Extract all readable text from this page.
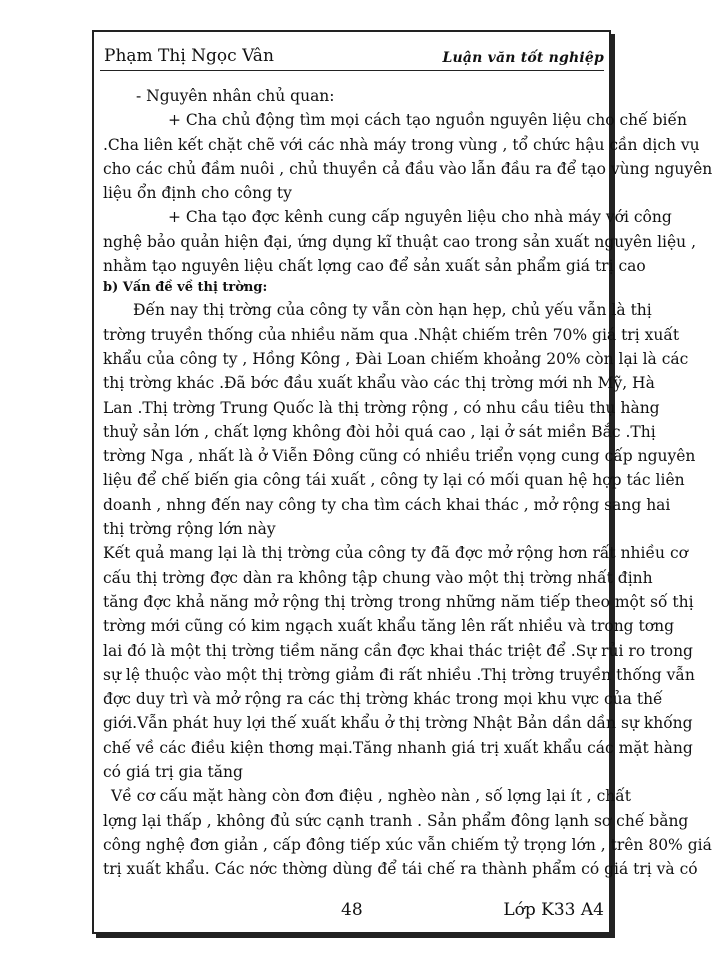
Phạm Thị Ngọc Vân	Luận văn tốt nghiệp
- Nguyên nhân chủ quan:
+ Cha chủ động tìm mọi cách tạo nguồn nguyên liệu cho chế biến
.Cha liên kết chặt chẽ với các nhà máy trong vùng , tổ chức hậu cần dịch vụ
cho các chủ đầm nuôi , chủ thuyền cả đầu vào lẫn đầu ra để tạo vùng nguyên
liệu ổn định cho công ty
+ Cha tạo đợc kênh cung cấp nguyên liệu cho nhà máy với công
nghệ bảo quản hiện đại, ứng dụng kĩ thuật cao trong sản xuất nguyên liệu ,
nhằm tạo nguyên liệu chất lợng cao để sản xuất sản phẩm giá trị cao
b) Vấn đề về thị trờng:
Đến nay thị trờng của công ty vẫn còn hạn hẹp, chủ yếu vẫn là thị
trờng truyền thống của nhiều năm qua .Nhật chiếm trên 70% giá trị xuất
khẩu của công ty , Hồng Kông , Đài Loan chiếm khoảng 20% còn lại là các
thị trờng khác .Đã bớc đầu xuất khẩu vào các thị trờng mới nh Mỹ, Hà
Lan .Thị trờng Trung Quốc là thị trờng rộng , có nhu cầu tiêu thụ hàng
thuỷ sản lớn , chất lợng không đòi hỏi quá cao , lại ở sát miền Bắc .Thị
trờng Nga , nhất là ở Viễn Đông cũng có nhiều triển vọng cung cấp nguyên
liệu để chế biến gia công tái xuất , công ty lại có mối quan hệ hợp tác liên
doanh , nhng đến nay công ty cha tìm cách khai thác , mở rộng sang hai
thị trờng rộng lớn này
Kết quả mang lại là thị trờng của công ty đã đợc mở rộng hơn rất nhiều cơ
cấu thị trờng đợc dàn ra không tập chung vào một thị trờng nhất định
tăng đợc khả năng mở rộng thị trờng trong những năm tiếp theo một số thị
trờng mới cũng có kim ngạch xuất khẩu tăng lên rất nhiều và trong tơng
lai đó là một thị trờng tiềm năng cần đợc khai thác triệt để .Sự rủi ro trong
sự lệ thuộc vào một thị trờng giảm đi rất nhiều .Thị trờng truyền thống vẫn
đợc duy trì và mở rộng ra các thị trờng khác trong mọi khu vực của thế
giới.Vẫn phát huy lợi thế xuất khẩu ở thị trờng Nhật Bản dần dần sự khống
chế về các điều kiện thơng mại.Tăng nhanh giá trị xuất khẩu các mặt hàng
có giá trị gia tăng
Về cơ cấu mặt hàng còn đơn điệu , nghèo nàn , số lợng lại ít , chất
lợng lại thấp , không đủ sức cạnh tranh . Sản phẩm đông lạnh sơ chế bằng
công nghệ đơn giản , cấp đông tiếp xúc vẫn chiếm tỷ trọng lớn , trên 80% giá
trị xuất khẩu. Các nớc thờng dùng để tái chế ra thành phẩm có giá trị và có
48	Lớp K33 A4
